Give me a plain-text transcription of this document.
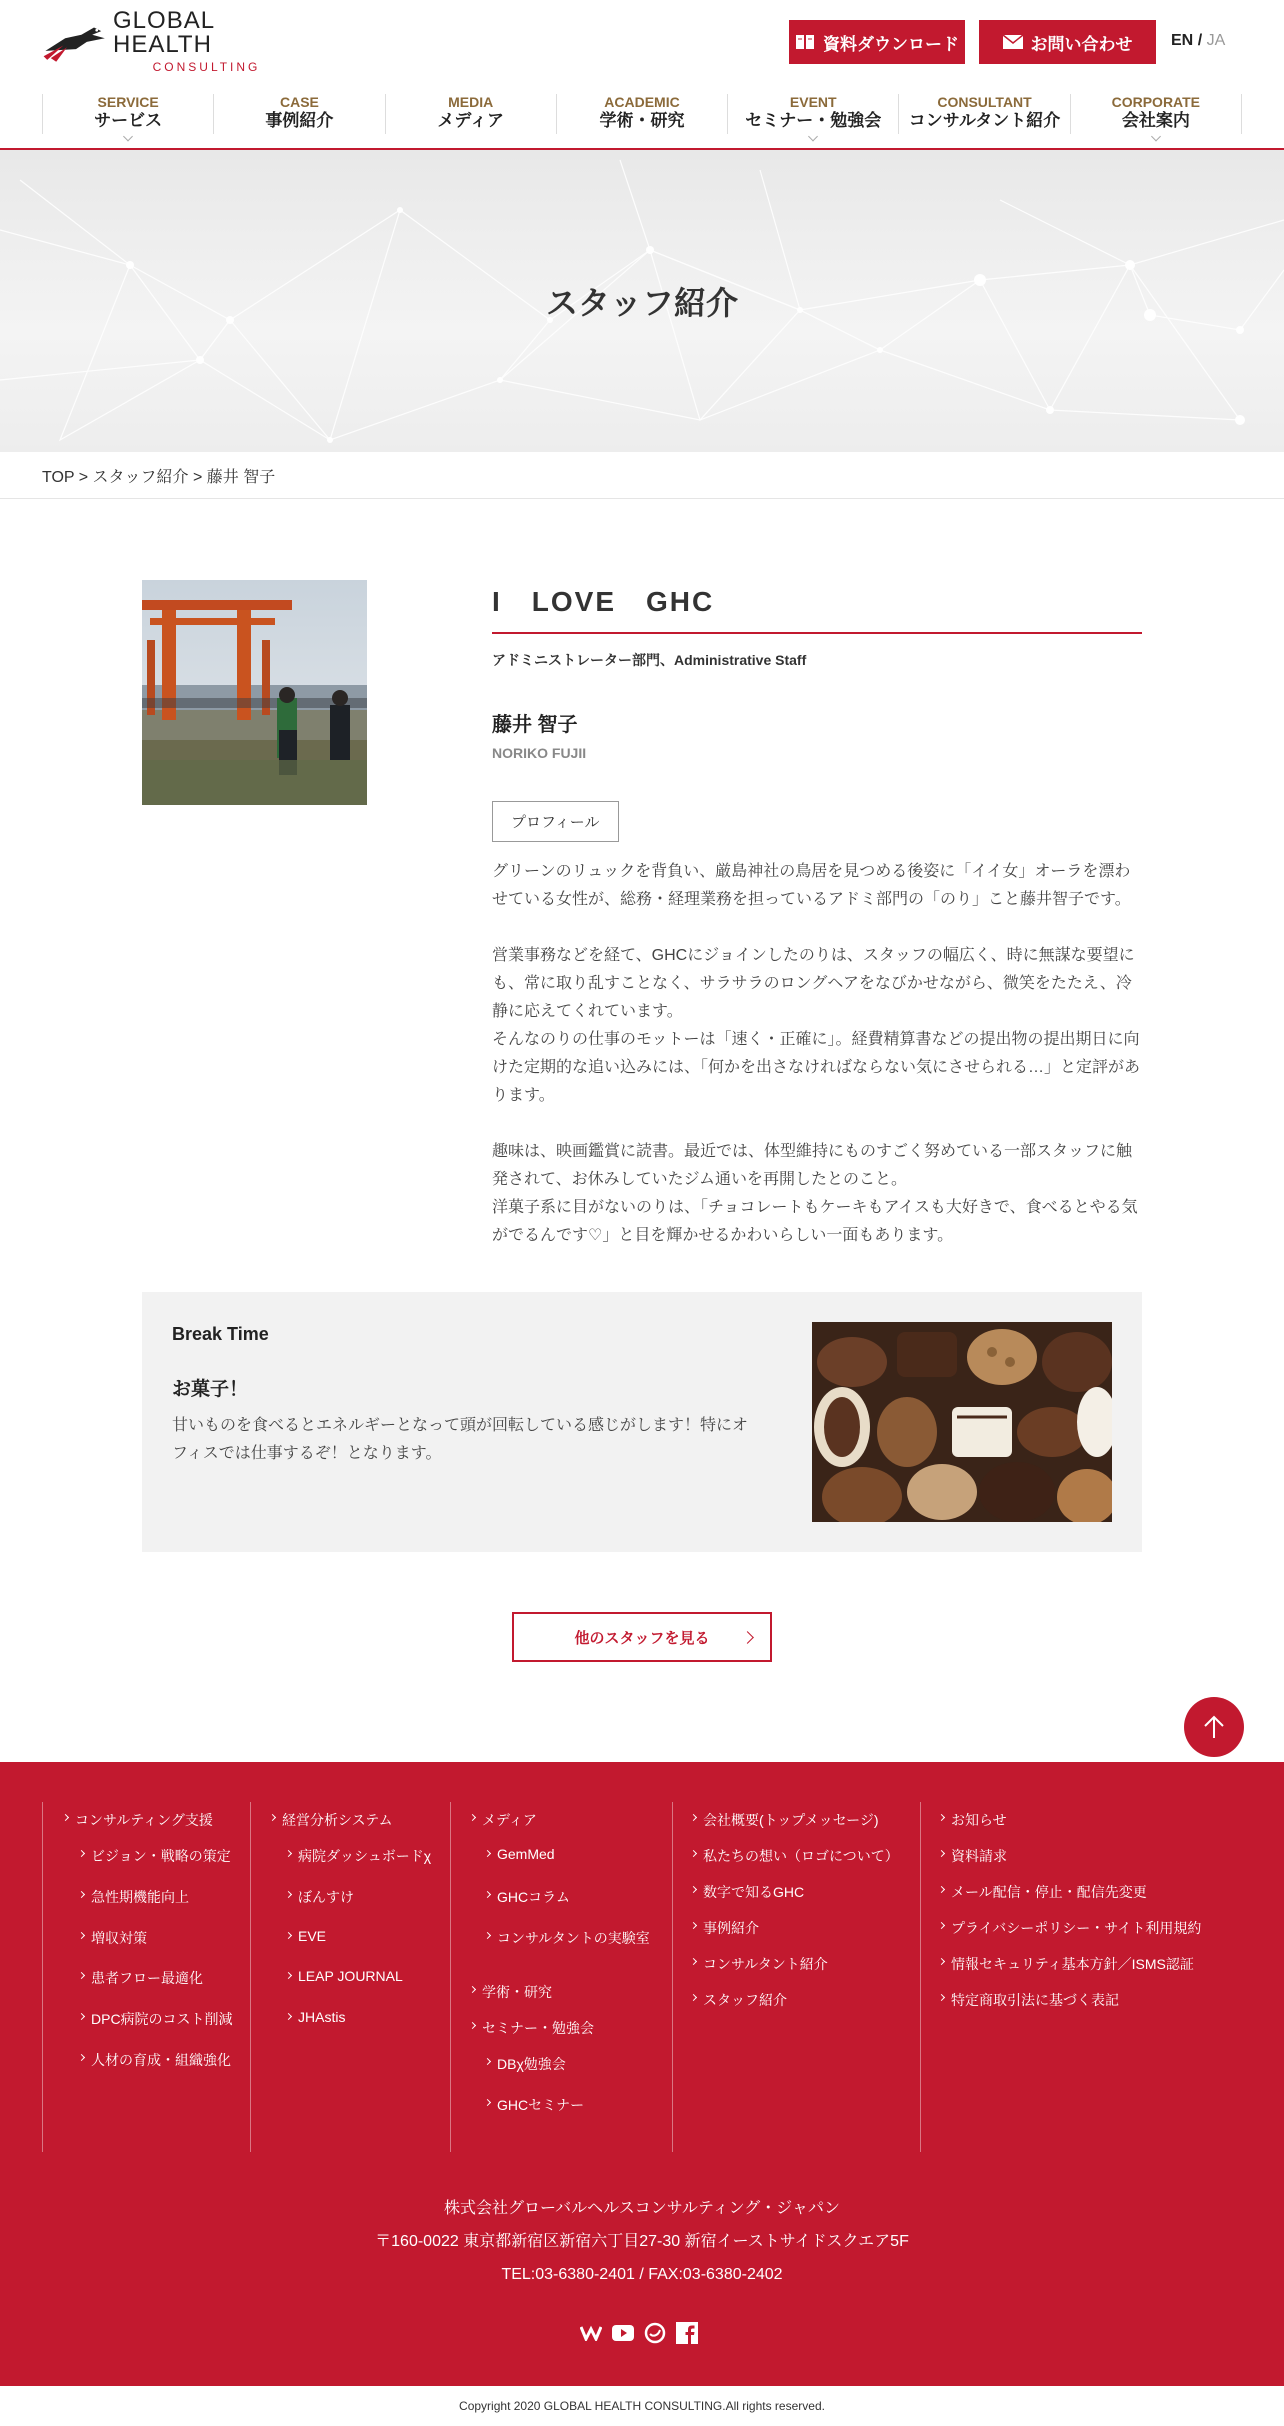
GLOBAL HEALTH
CONSULTING
資料ダウンロード	お問い合わせ EN / JA
SERVICE
サービス
CASE
事例紹介
MEDIA
メディア
ACADEMIC
学術・研究
EVENT
セミナー・勉強会
CONSULTANT
コンサルタント紹介
CORPORATE
会社案内
スタッフ紹介
TOP > スタッフ紹介 > 藤井 智子
I　LOVE　GHC
アドミニストレーター部門、Administrative Staff
藤井 智子
NORIKO FUJII
プロフィール

グリーンのリュックを背負い、厳島神社の鳥居を見つめる後姿に「イイ女」オーラを漂わせている女性が、総務・経理業務を担っているアドミ部門の「のり」こと藤井智子です。

営業事務などを経て、GHCにジョインしたのりは、スタッフの幅広く、時に無謀な要望にも、常に取り乱すことなく、サラサラのロングヘアをなびかせながら、微笑をたたえ、冷静に応えてくれています。

そんなのりの仕事のモットーは「速く・正確に」。経費精算書などの提出物の提出期日に向けた定期的な追い込みには、「何かを出さなければならない気にさせられる…」と定評があります。

趣味は、映画鑑賞に読書。最近では、体型維持にものすごく努めている一部スタッフに触発されて、お休みしていたジム通いを再開したとのこと。

洋菓子系に目がないのりは、「チョコレートもケーキもアイスも大好きで、食べるとやる気がでるんです♡」と目を輝かせるかわいらしい一面もあります。

Break Time
お菓子！

甘いものを食べるとエネルギーとなって頭が回転している感じがします！特にオフィスでは仕事するぞ！となります。

他のスタッフを見る
コンサルティング支援
ビジョン・戦略の策定
急性期機能向上
増収対策
患者フロー最適化
DPC病院のコスト削減
人材の育成・組織強化
経営分析システム
病院ダッシュボードχ
ぼんすけ
EVE
LEAP JOURNAL
JHAstis
メディア
GemMed
GHCコラム
コンサルタントの実験室
学術・研究
セミナー・勉強会
DBχ勉強会
GHCセミナー
会社概要(トップメッセージ)
私たちの想い（ロゴについて）
数字で知るGHC
事例紹介
コンサルタント紹介
スタッフ紹介
お知らせ
資料請求
メール配信・停止・配信先変更
プライバシーポリシー・サイト利用規約
情報セキュリティ基本方針／ISMS認証
特定商取引法に基づく表記
株式会社グローバルヘルスコンサルティング・ジャパン
〒160-0022 東京都新宿区新宿六丁目27-30 新宿イーストサイドスクエア5F
TEL:03-6380-2401 / FAX:03-6380-2402
Copyright 2020 GLOBAL HEALTH CONSULTING.All rights reserved.
